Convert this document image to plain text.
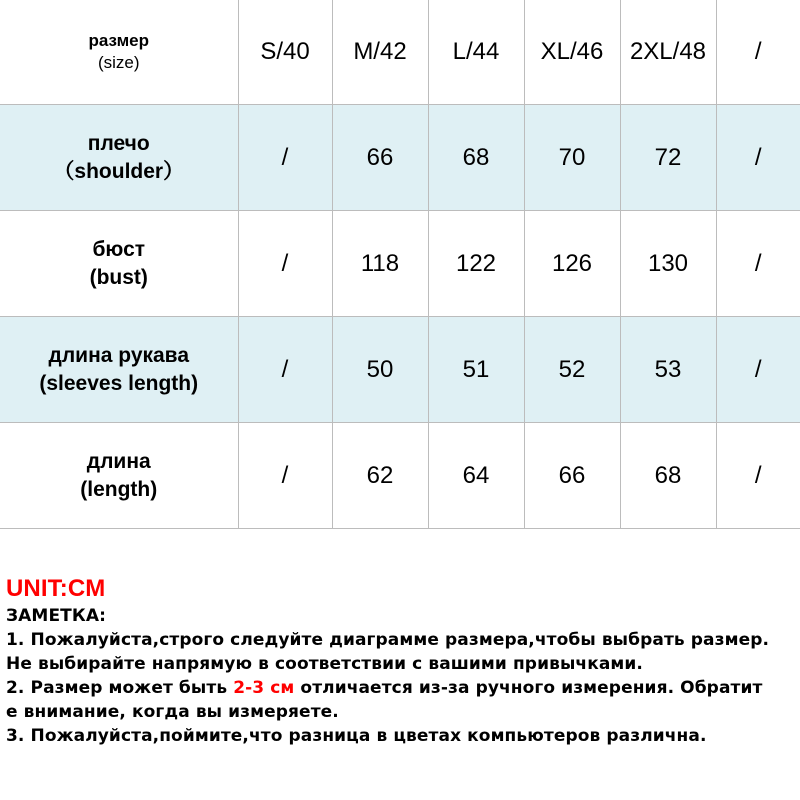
размер
(size)	S/40	M/42	L/44	XL/46	2XL/48	/

плечо
（shoulder）	/	66	68	70	72	/

бюст
(bust)	/	118	122	126	130	/

длина рукава
(sleeves length)	/	50	51	52	53	/

длина
(length)	/	62	64	66	68	/
UNIT:CM
ЗАМЕТКА:
1. Пожалуйста,строго следуйте диаграмме размера,чтобы выбрать размер.
Не выбирайте напрямую в соответствии с вашими привычками.
2. Размер может быть 2-3 см отличается из-за ручного измерения. Обратит
е внимание, когда вы измеряете.
3. Пожалуйста,поймите,что разница в цветах компьютеров различна.
